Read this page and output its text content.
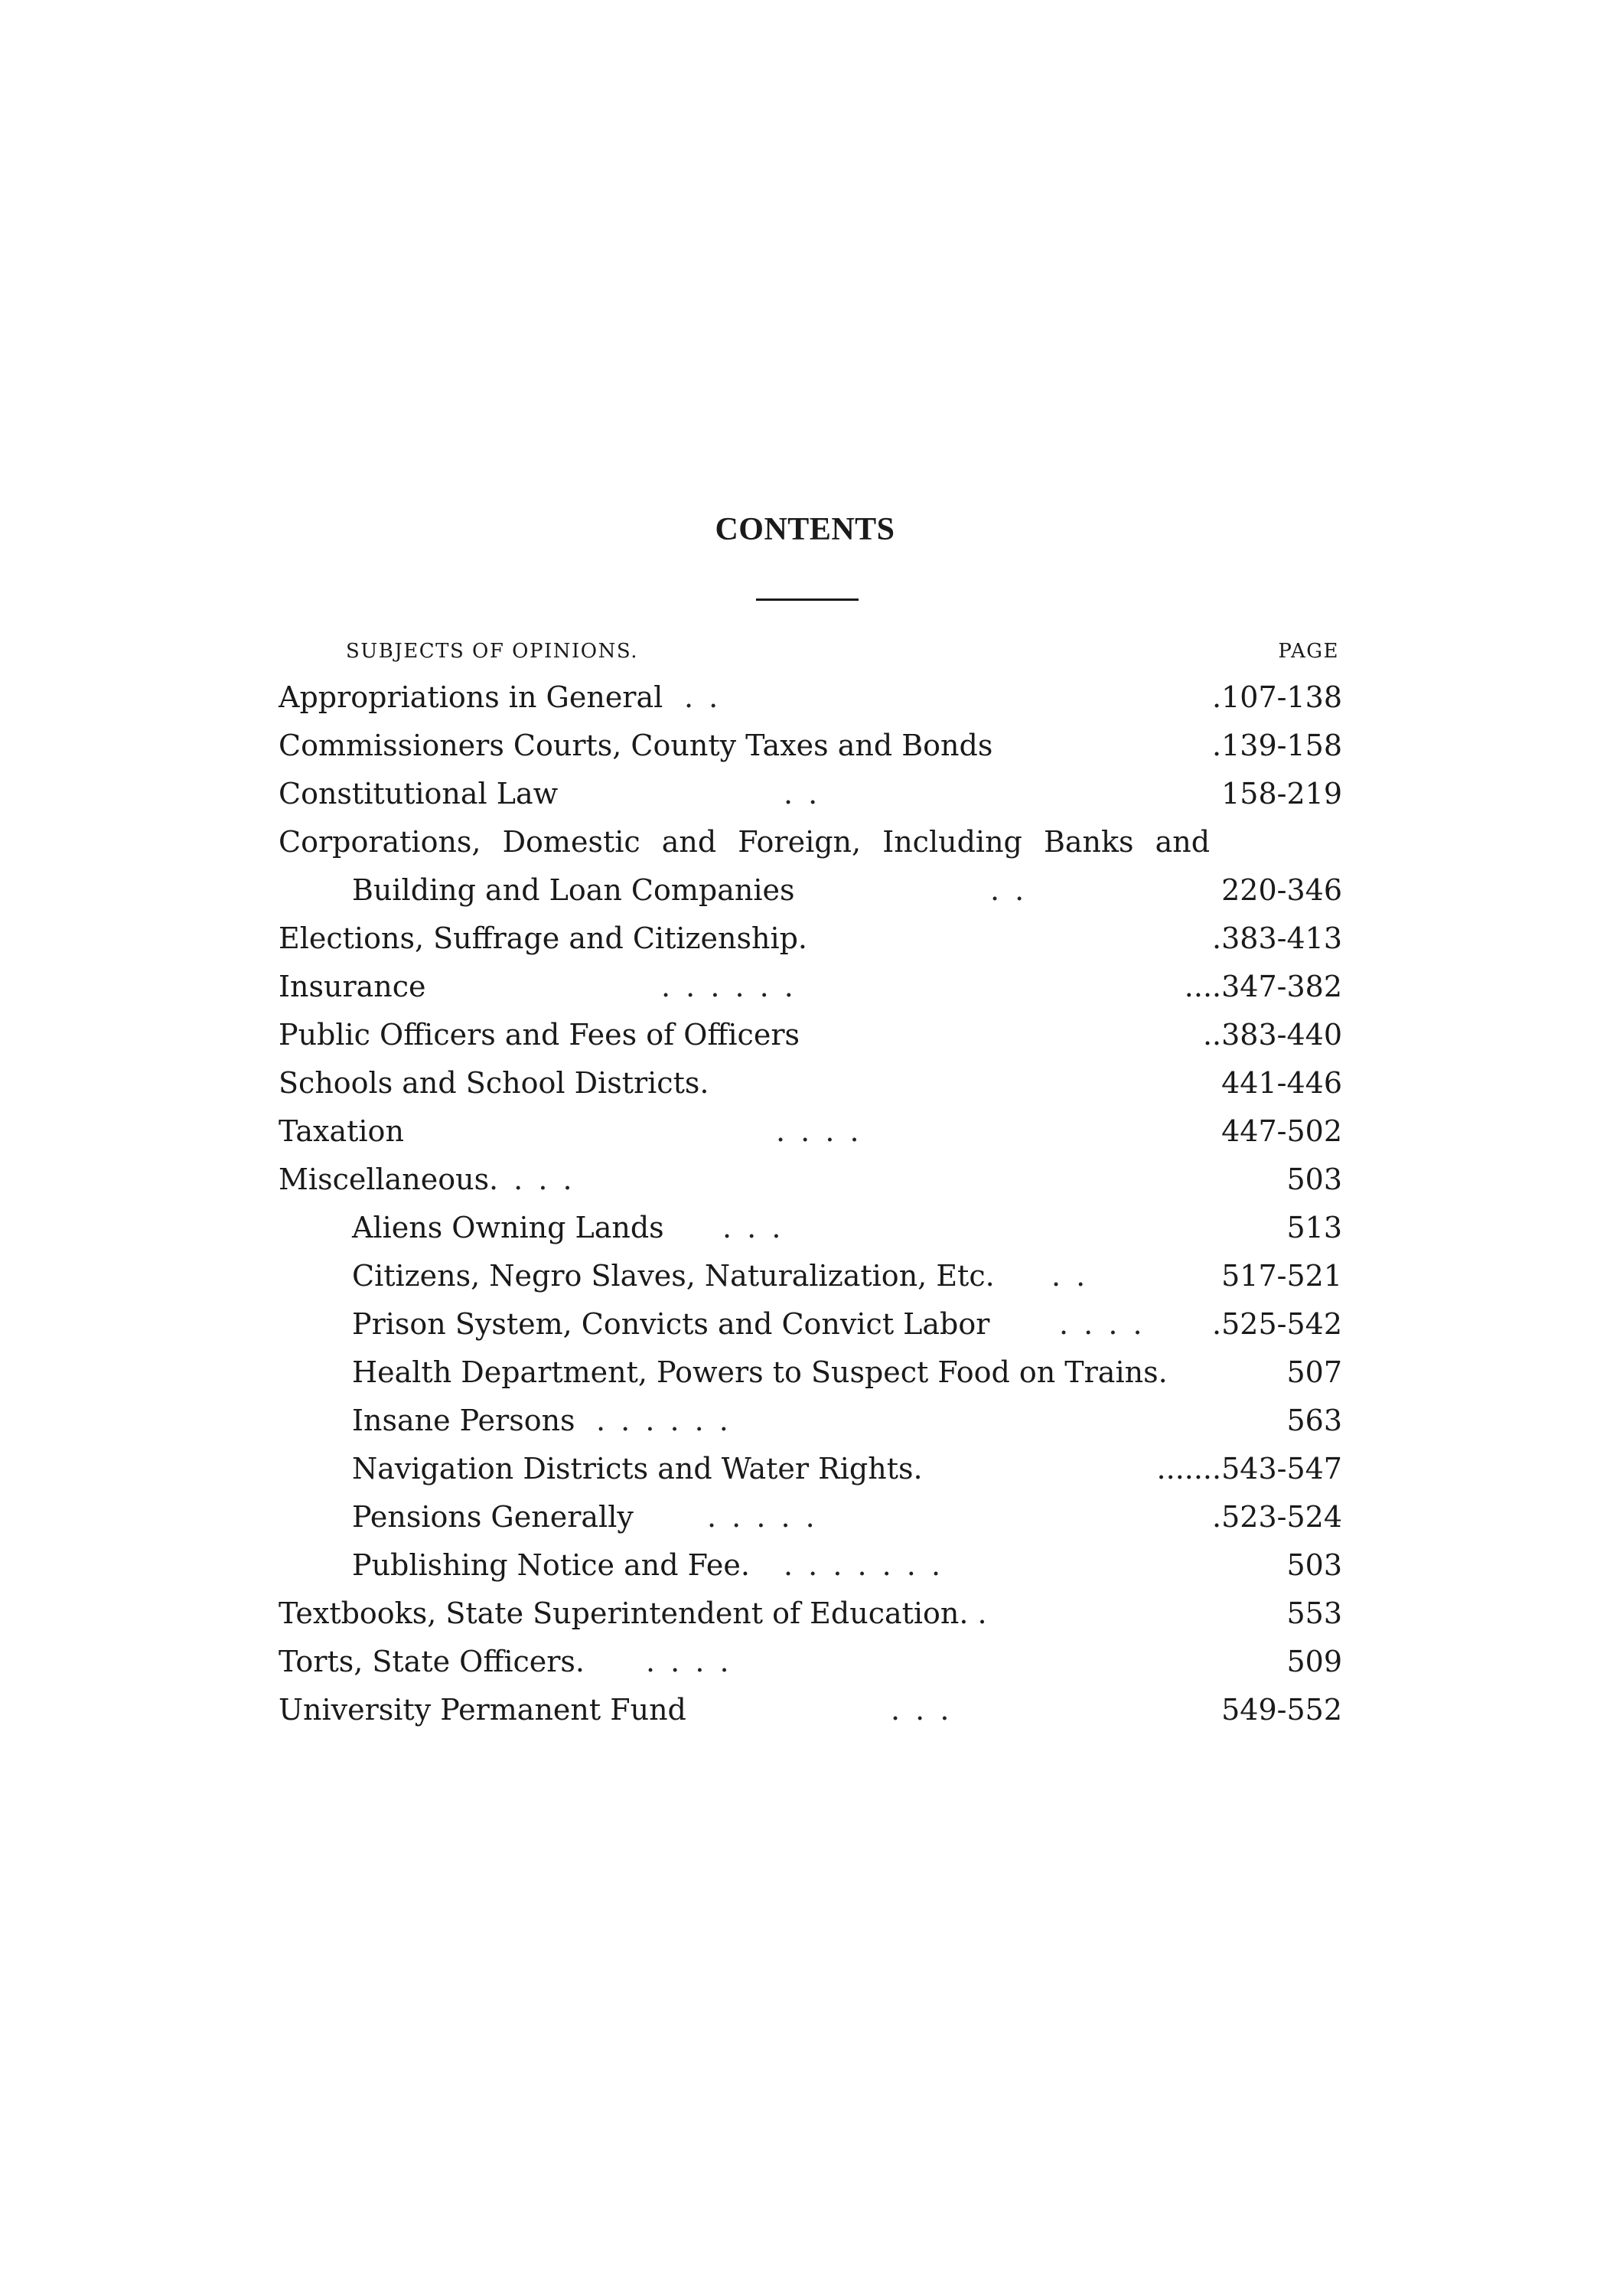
CONTENTS
SUBJECTS OF OPINIONS.	PAGE
Appropriations in General . .	.107-138
Commissioners Courts, County Taxes and Bonds	.139-158
Constitutional Law	. .	158-219
Corporations, Domestic and Foreign, Including Banks and
Building and Loan Companies	. .	220-346
Elections, Suffrage and Citizenship.	.383-413
Insurance	. . . . . .	....347-382
Public Officers and Fees of Officers	..383-440
Schools and School Districts.	441-446
Taxation	. . . .	447-502
Miscellaneous . . . .	503
Aliens Owning Lands . . .	513
Citizens, Negro Slaves, Naturalization, Etc. . .	517-521
Prison System, Convicts and Convict Labor . . . . .525-542
Health Department, Powers to Suspect Food on Trains.	507
Insane Persons . . . . . .	563
Navigation Districts and Water Rights.	.......543-547
Pensions Generally	. . . . .	.523-524
Publishing Notice and Fee. . . . . . . .	503
Textbooks, State Superintendent of Education. .	553
Torts, State Officers. . . . .	509
University Permanent Fund	. . .	549-552
